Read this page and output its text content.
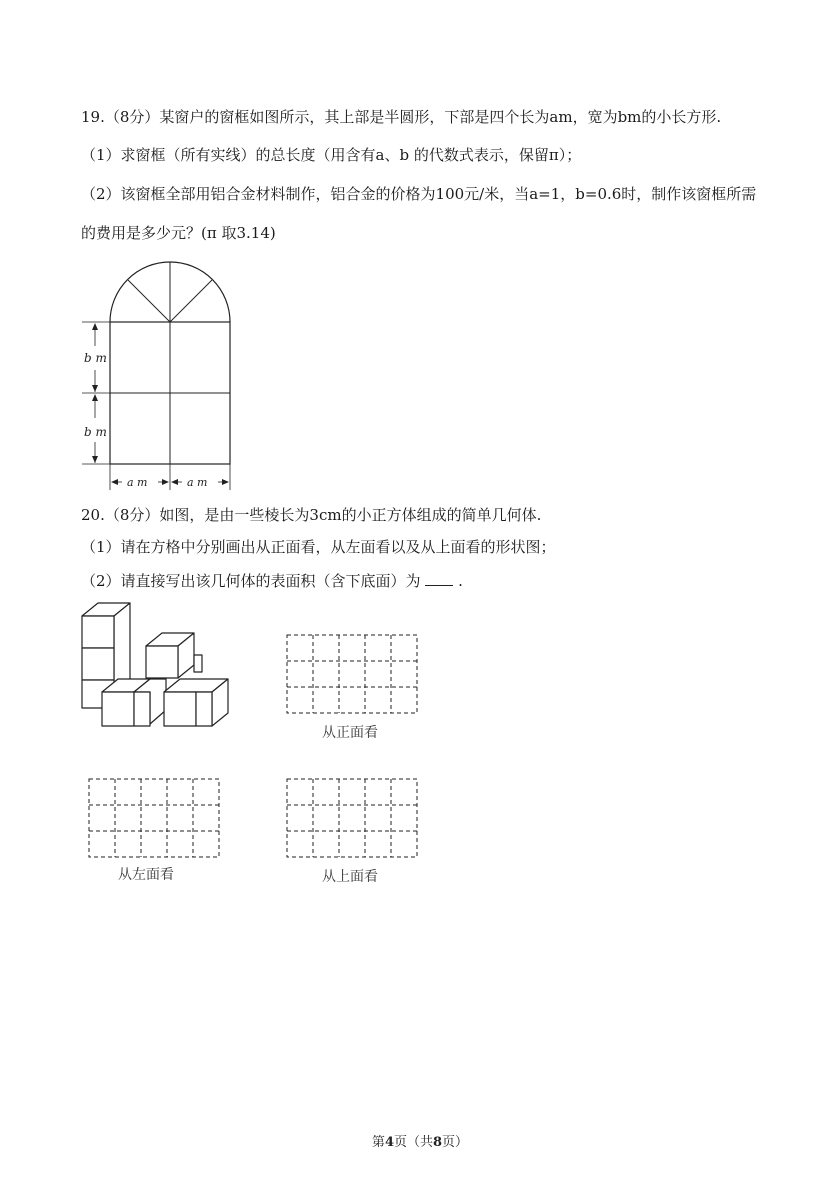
19.（8分）某窗户的窗框如图所示，其上部是半圆形，下部是四个长为am，宽为bm的小长方形.
（1）求窗框（所有实线）的总长度（用含有a、b 的代数式表示，保留π）；
（2）该窗框全部用铝合金材料制作，铝合金的价格为100元/米，当a=1，b=0.6时，制作该窗框所需
的费用是多少元？(π 取3.14)
b m
b m
a m	a m
20.（8分）如图，是由一些棱长为3cm的小正方体组成的简单几何体.
（1）请在方格中分别画出从正面看，从左面看以及从上面看的形状图；
（2）请直接写出该几何体的表面积（含下底面）为	.
从正面看
从左面看	从上面看
第4页（共8页）
